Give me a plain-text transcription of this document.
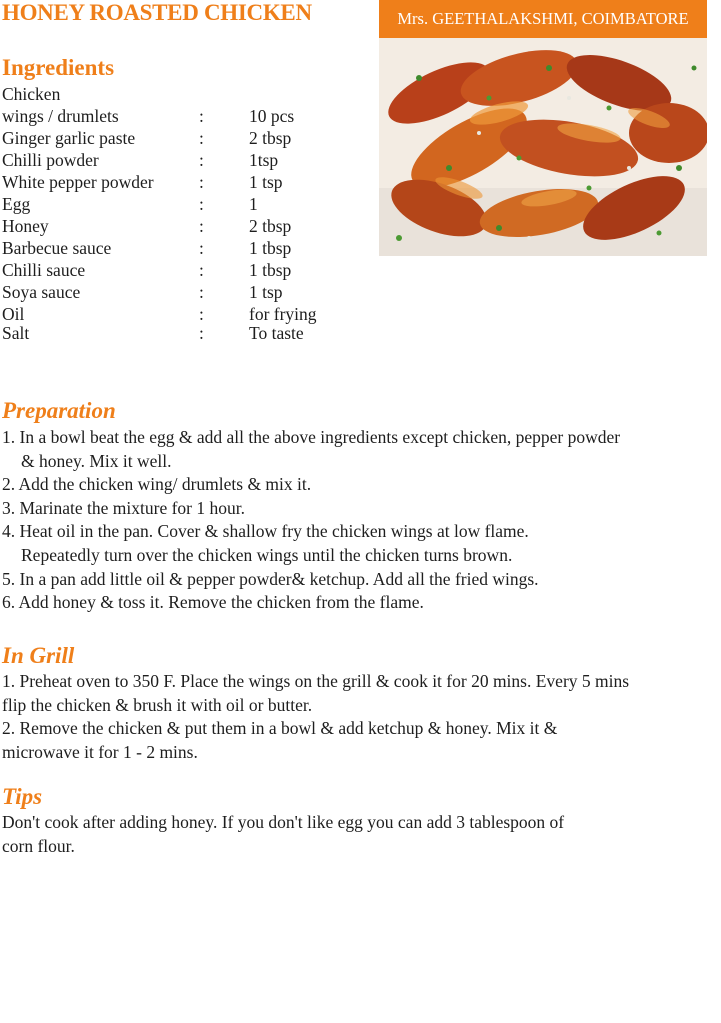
HONEY ROASTED CHICKEN	Mrs. GEETHALAKSHMI, COIMBATORE
Ingredients
Chicken
wings / drumlets	:	10 pcs
Ginger garlic paste	:	2 tbsp
Chilli powder	:	1tsp
White pepper powder	:	1 tsp
Egg	:	1
Honey	:	2 tbsp
Barbecue sauce	:	1 tbsp
Chilli sauce	:	1 tbsp
Soya sauce	:	1 tsp
Oil	:	for frying
Salt	:	To taste
Preparation
1. In a bowl beat the egg & add all the above ingredients except chicken, pepper powder
& honey. Mix it well.
2. Add the chicken wing/ drumlets & mix it.
3. Marinate the mixture for 1 hour.
4. Heat oil in the pan. Cover & shallow fry the chicken wings at low flame.
Repeatedly turn over the chicken wings until the chicken turns brown.
5. In a pan add little oil & pepper powder& ketchup. Add all the fried wings.
6. Add honey & toss it. Remove the chicken from the flame.
In Grill
1. Preheat oven to 350 F. Place the wings on the grill & cook it for 20 mins. Every 5 mins
flip the chicken & brush it with oil or butter.
2. Remove the chicken & put them in a bowl & add ketchup & honey. Mix it &
microwave it for 1 - 2 mins.
Tips
Don't cook after adding honey. If you don't like egg you can add 3 tablespoon of
corn flour.
